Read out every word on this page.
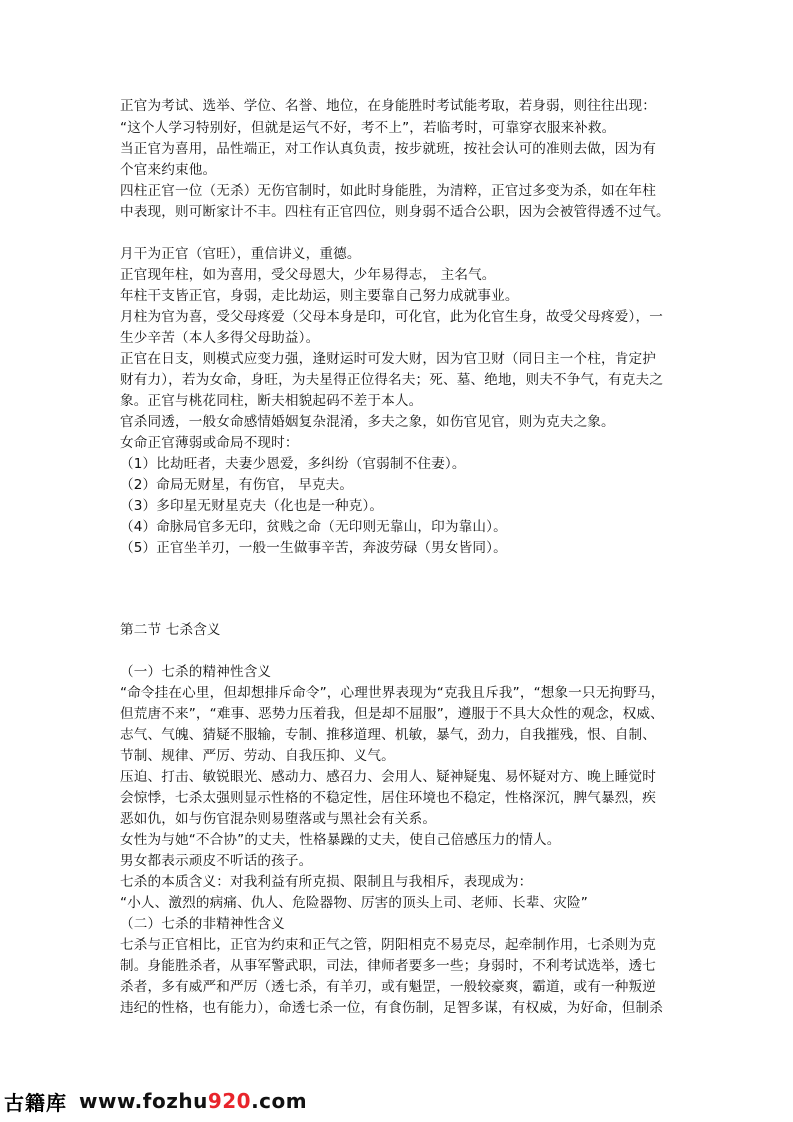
正官为考试、选举、学位、名誉、地位，在身能胜时考试能考取，若身弱，则往往出现：
“这个人学习特别好，但就是运气不好，考不上”，若临考时，可靠穿衣服来补救。
当正官为喜用，品性端正，对工作认真负责，按步就班，按社会认可的准则去做，因为有
个官来约束他。
四柱正官一位（无杀）无伤官制时，如此时身能胜，为清粹，正官过多变为杀，如在年柱
中表现，则可断家计不丰。四柱有正官四位，则身弱不适合公职，因为会被管得透不过气。
月干为正官（官旺），重信讲义，重德。
正官现年柱，如为喜用，受父母恩大，少年易得志， 主名气。
年柱干支皆正官，身弱，走比劫运，则主要靠自己努力成就事业。
月柱为官为喜，受父母疼爱（父母本身是印，可化官，此为化官生身，故受父母疼爱），一
生少辛苦（本人多得父母助益）。
正官在日支，则模式应变力强，逢财运时可发大财，因为官卫财（同日主一个柱，肯定护
财有力），若为女命，身旺，为夫星得正位得名夫；死、墓、绝地，则夫不争气，有克夫之
象。正官与桃花同柱，断夫相貌起码不差于本人。
官杀同透，一般女命感情婚姻复杂混淆，多夫之象，如伤官见官，则为克夫之象。
女命正官薄弱或命局不现时：
（1）比劫旺者，夫妻少恩爱，多纠纷（官弱制不住妻）。
（2）命局无财星，有伤官， 早克夫。
（3）多印星无财星克夫（化也是一种克）。
（4）命脉局官多无印，贫贱之命（无印则无靠山，印为靠山）。
（5）正官坐羊刃，一般一生做事辛苦，奔波劳碌（男女皆同）。
第二节 七杀含义
（一）七杀的精神性含义
“命令挂在心里，但却想排斥命令”，心理世界表现为“克我且斥我”，“想象一只无拘野马，
但荒唐不来”，“难事、恶势力压着我，但是却不屈服”，遵服于不具大众性的观念，权威、
志气、气魄、猜疑不服输，专制、推移道理、机敏，暴气，劲力，自我摧残，恨、自制、
节制、规律、严厉、劳动、自我压抑、义气。
压迫、打击、敏锐眼光、感动力、感召力、会用人、疑神疑鬼、易怀疑对方、晚上睡觉时
会惊悸，七杀太强则显示性格的不稳定性，居住环境也不稳定，性格深沉，脾气暴烈，疾
恶如仇，如与伤官混杂则易堕落或与黑社会有关系。
女性为与她“不合协”的丈夫，性格暴躁的丈夫，使自己倍感压力的情人。
男女都表示顽皮不听话的孩子。
七杀的本质含义：对我利益有所克损、限制且与我相斥，表现成为：
“小人、激烈的病痛、仇人、危险器物、厉害的顶头上司、老师、长辈、灾险”
（二）七杀的非精神性含义
七杀与正官相比，正官为约束和正气之管，阴阳相克不易克尽，起牵制作用，七杀则为克
制。身能胜杀者，从事军警武职，司法，律师者要多一些；身弱时，不利考试选举，透七
杀者，多有威严和严厉（透七杀，有羊刃，或有魁罡，一般较豪爽，霸道，或有一种叛逆
违纪的性格，也有能力），命透七杀一位，有食伤制，足智多谋，有权威，为好命，但制杀
古籍库 www.fozhu920.com
